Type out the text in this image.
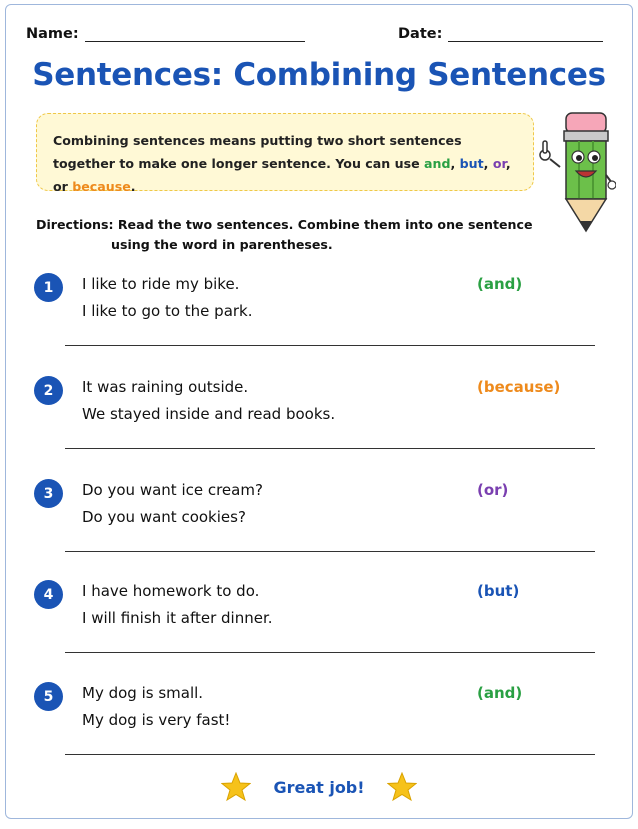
Name:	Date:
Sentences: Combining Sentences
Combining sentences means putting two short sentences together to make one longer sentence. You can use and, but, or, or because.
Directions: Read the two sentences. Combine them into one sentence
using the word in parentheses.
1	I like to ride my bike.
I like to go to the park.
(and)
2	It was raining outside.
We stayed inside and read books.
(because)
3	Do you want ice cream?
Do you want cookies?
(or)
4	I have homework to do.
I will finish it after dinner.
(but)
5	My dog is small.
My dog is very fast!
(and)
Great job!
